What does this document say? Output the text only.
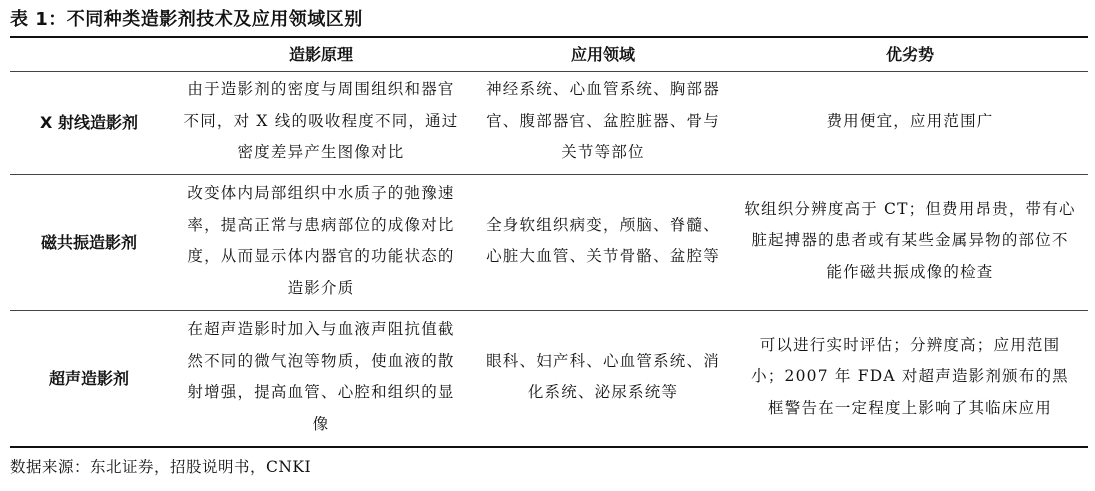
表 1：不同种类造影剂技术及应用领域区别
	造影原理	应用领域	优劣势
X 射线造影剂	由于造影剂的密度与周围组织和器官不同，对 X 线的吸收程度不同，通过密度差异产生图像对比	神经系统、心血管系统、胸部器官、腹部器官、盆腔脏器、骨与关节等部位	费用便宜，应用范围广
磁共振造影剂	改变体内局部组织中水质子的弛豫速率，提高正常与患病部位的成像对比度，从而显示体内器官的功能状态的造影介质	全身软组织病变，颅脑、脊髓、心脏大血管、关节骨骼、盆腔等	软组织分辨度高于 CT；但费用昂贵，带有心脏起搏器的患者或有某些金属异物的部位不能作磁共振成像的检查
超声造影剂	在超声造影时加入与血液声阻抗值截然不同的微气泡等物质，使血液的散射增强，提高血管、心腔和组织的显像	眼科、妇产科、心血管系统、消化系统、泌尿系统等	可以进行实时评估；分辨度高；应用范围小；2007 年 FDA 对超声造影剂颁布的黑框警告在一定程度上影响了其临床应用
数据来源：东北证券，招股说明书，CNKI
